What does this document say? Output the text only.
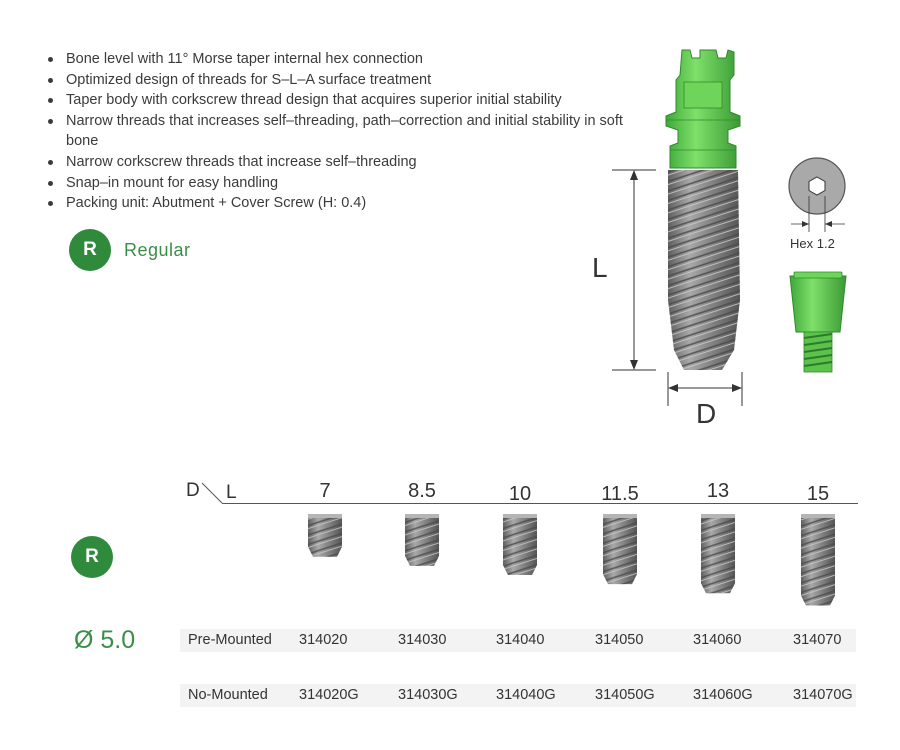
Bone level with 11° Morse taper internal hex connection
Optimized design of threads for S–L–A surface treatment
Taper body with corkscrew thread design that acquires superior initial stability
Narrow threads that increases self–threading, path–correction and initial stability in soft bone
Narrow corkscrew threads that increase self–threading
Snap–in mount for easy handling
Packing unit: Abutment + Cover Screw (H: 0.4)
R	Regular
L
D
Hex 1.2
D L	7	8.5	10	11.5	13	15
R
Ø 5.0	Pre-Mounted 314020	314030	314040	314050	314060	314070
No-Mounted 314020G	314030G	314040G	314050G	314060G	314070G
